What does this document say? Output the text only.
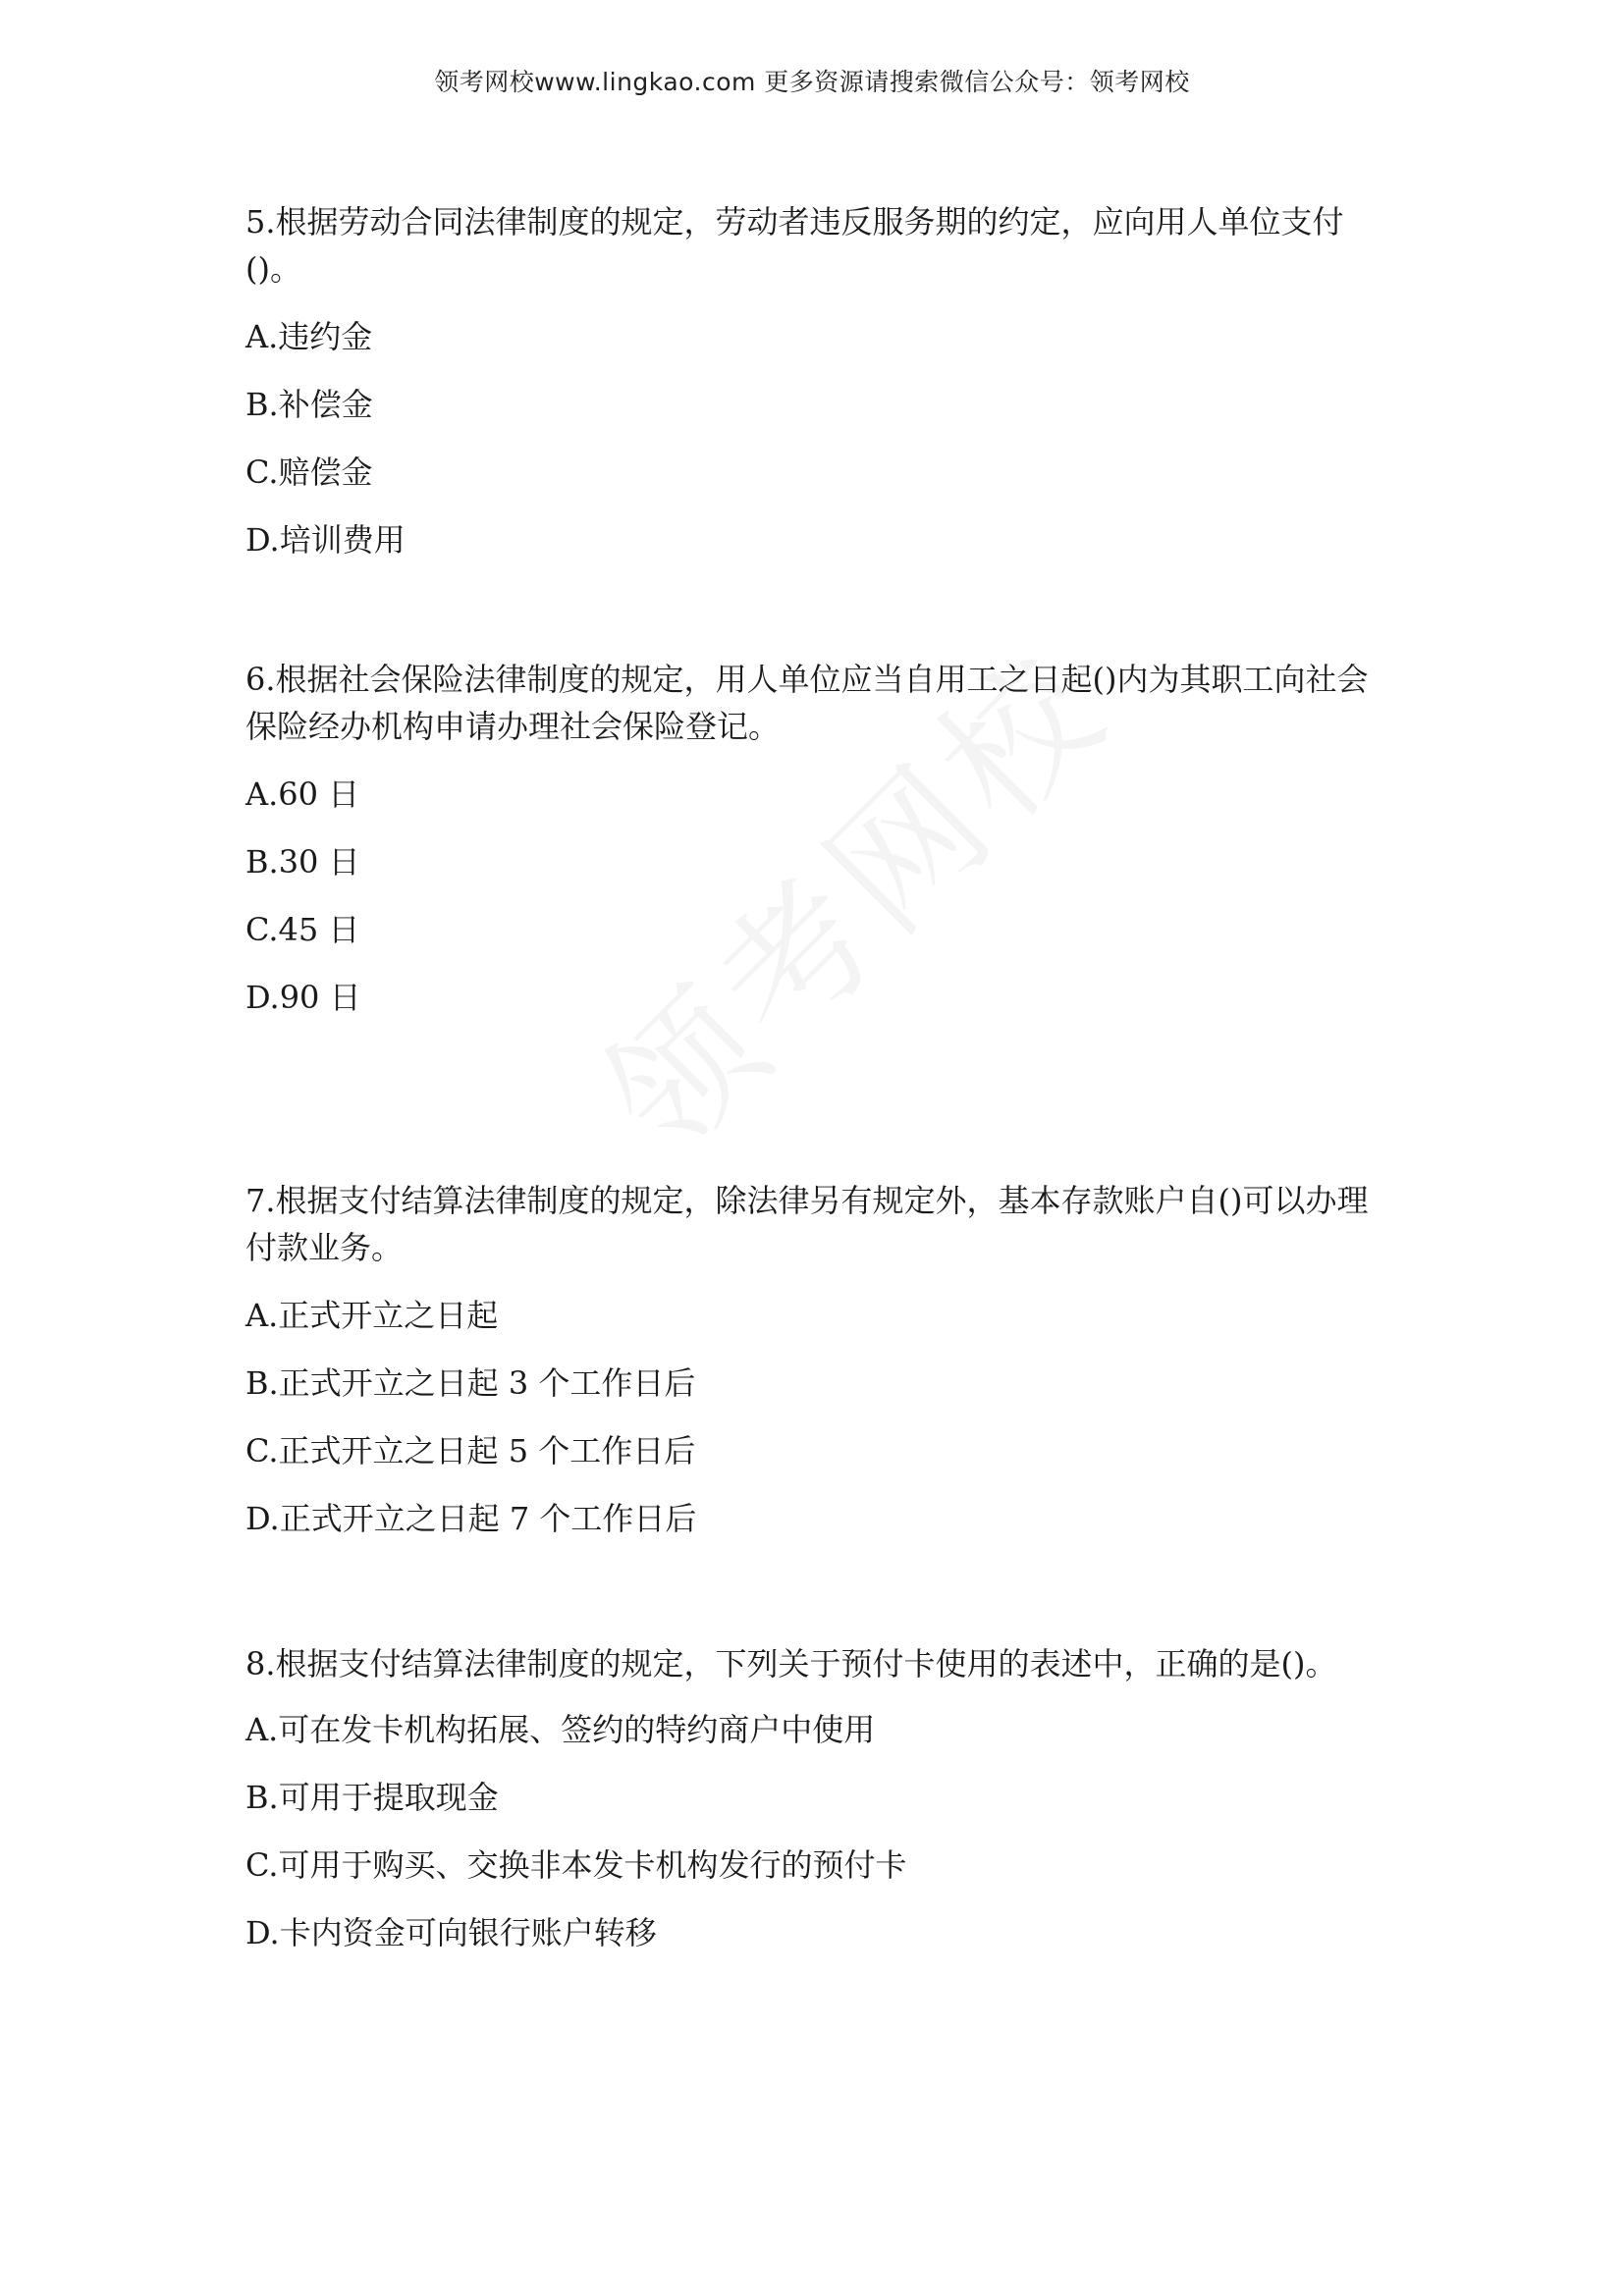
领考网校www.lingkao.com 更多资源请搜索微信公众号：领考网校

5.根据劳动合同法律制度的规定，劳动者违反服务期的约定，应向用人单位支付()。

A.违约金
B.补偿金
C.赔偿金
D.培训费用

6.根据社会保险法律制度的规定，用人单位应当自用工之日起()内为其职工向社会保险经办机构申请办理社会保险登记。

A.60 日
B.30 日
C.45 日
D.90 日

7.根据支付结算法律制度的规定，除法律另有规定外，基本存款账户自()可以办理付款业务。

A.正式开立之日起
B.正式开立之日起 3 个工作日后
C.正式开立之日起 5 个工作日后
D.正式开立之日起 7 个工作日后

8.根据支付结算法律制度的规定，下列关于预付卡使用的表述中，正确的是()。

A.可在发卡机构拓展、签约的特约商户中使用
B.可用于提取现金
C.可用于购买、交换非本发卡机构发行的预付卡
D.卡内资金可向银行账户转移
